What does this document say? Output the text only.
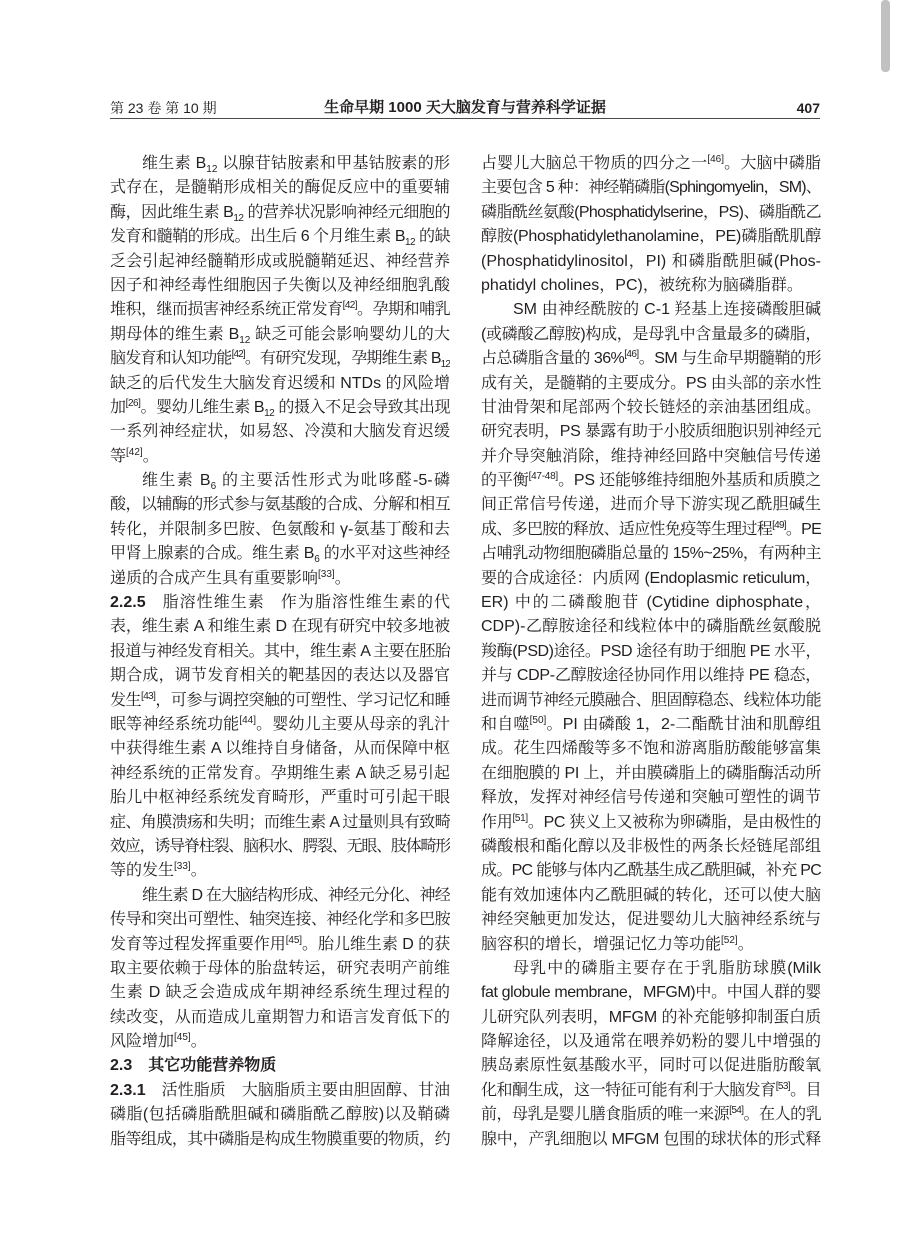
第 23 卷 第 10 期	生命早期 1000 天大脑发育与营养科学证据	407
维生素 $B_{12}$ 以腺苷钴胺素和甲基钴胺素的形
式存在，是髓鞘形成相关的酶促反应中的重要辅
酶，因此维生素 $B_{12}$ 的营养状况影响神经元细胞的
发育和髓鞘的形成。出生后 6 个月维生素 $B_{12}$ 的缺
乏会引起神经髓鞘形成或脱髓鞘延迟、神经营养
因子和神经毒性细胞因子失衡以及神经细胞乳酸
堆积，继而损害神经系统正常发育[42]。孕期和哺乳
期母体的维生素 $B_{12}$ 缺乏可能会影响婴幼儿的大
脑发育和认知功能[42]。有研究发现，孕期维生素 $B_{12}$
缺乏的后代发生大脑发育迟缓和 NTDs 的风险增
加[26]。婴幼儿维生素 $B_{12}$ 的摄入不足会导致其出现
一系列神经症状，如易怒、冷漠和大脑发育迟缓
等[42]。
维生素 $B_6$ 的主要活性形式为吡哆醛-5-磷
酸，以辅酶的形式参与氨基酸的合成、分解和相互
转化，并限制多巴胺、色氨酸和 γ-氨基丁酸和去
甲肾上腺素的合成。维生素 $B_6$ 的水平对这些神经
递质的合成产生具有重要影响[33]。
2.2.5 脂溶性维生素 作为脂溶性维生素的代
表，维生素 A 和维生素 D 在现有研究中较多地被
报道与神经发育相关。其中，维生素 A 主要在胚胎
期合成，调节发育相关的靶基因的表达以及器官
发生[43]，可参与调控突触的可塑性、学习记忆和睡
眠等神经系统功能[44]。婴幼儿主要从母亲的乳汁
中获得维生素 A 以维持自身储备，从而保障中枢
神经系统的正常发育。孕期维生素 A 缺乏易引起
胎儿中枢神经系统发育畸形，严重时可引起干眼
症、角膜溃疡和失明；而维生素 A 过量则具有致畸
效应，诱导脊柱裂、脑积水、腭裂、无眼、肢体畸形
等的发生[33]。
维生素 D 在大脑结构形成、神经元分化、神经
传导和突出可塑性、轴突连接、神经化学和多巴胺
发育等过程发挥重要作用[45]。胎儿维生素 D 的获
取主要依赖于母体的胎盘转运，研究表明产前维
生素 D 缺乏会造成成年期神经系统生理过程的
续改变，从而造成儿童期智力和语言发育低下的
风险增加[45]。
2.3 其它功能营养物质
2.3.1 活性脂质 大脑脂质主要由胆固醇、甘油
磷脂(包括磷脂酰胆碱和磷脂酰乙醇胺)以及鞘磷
脂等组成，其中磷脂是构成生物膜重要的物质，约
占婴儿大脑总干物质的四分之一[46]。大脑中磷脂
主要包含 5 种：神经鞘磷脂(Sphingomyelin，SM)、
磷脂酰丝氨酸(Phosphatidylserine，PS)、磷脂酰乙
醇胺(Phosphatidylethanolamine，PE)磷脂酰肌醇
(Phosphatidylinositol，PI) 和磷脂酰胆碱(Phos-
phatidyl cholines，PC)，被统称为脑磷脂群。
SM 由神经酰胺的 C-1 羟基上连接磷酸胆碱
(或磷酸乙醇胺)构成，是母乳中含量最多的磷脂，
占总磷脂含量的 36%[46]。SM 与生命早期髓鞘的形
成有关，是髓鞘的主要成分。PS 由头部的亲水性
甘油骨架和尾部两个较长链烃的亲油基团组成。
研究表明，PS 暴露有助于小胶质细胞识别神经元
并介导突触消除，维持神经回路中突触信号传递
的平衡[47-48]。PS 还能够维持细胞外基质和质膜之
间正常信号传递，进而介导下游实现乙酰胆碱生
成、多巴胺的释放、适应性免疫等生理过程[49]。PE
占哺乳动物细胞磷脂总量的 15%~25%，有两种主
要的合成途径：内质网 (Endoplasmic reticulum，
ER) 中的二磷酸胞苷 (Cytidine diphosphate，
CDP)-乙醇胺途径和线粒体中的磷脂酰丝氨酸脱
羧酶(PSD)途径。PSD 途径有助于细胞 PE 水平，
并与 CDP-乙醇胺途径协同作用以维持 PE 稳态，
进而调节神经元膜融合、胆固醇稳态、线粒体功能
和自噬[50]。PI 由磷酸 1，2-二酯酰甘油和肌醇组
成。花生四烯酸等多不饱和游离脂肪酸能够富集
在细胞膜的 PI 上，并由膜磷脂上的磷脂酶活动所
释放，发挥对神经信号传递和突触可塑性的调节
作用[51]。PC 狭义上又被称为卵磷脂，是由极性的
磷酸根和酯化醇以及非极性的两条长烃链尾部组
成。PC 能够与体内乙酰基生成乙酰胆碱，补充 PC
能有效加速体内乙酰胆碱的转化，还可以使大脑
神经突触更加发达，促进婴幼儿大脑神经系统与
脑容积的增长，增强记忆力等功能[52]。
母乳中的磷脂主要存在于乳脂肪球膜(Milk
fat globule membrane，MFGM)中。中国人群的婴
儿研究队列表明，MFGM 的补充能够抑制蛋白质
降解途径，以及通常在喂养奶粉的婴儿中增强的
胰岛素原性氨基酸水平，同时可以促进脂肪酸氧
化和酮生成，这一特征可能有利于大脑发育[53]。目
前，母乳是婴儿膳食脂质的唯一来源[54]。在人的乳
腺中，产乳细胞以 MFGM 包围的球状体的形式释
